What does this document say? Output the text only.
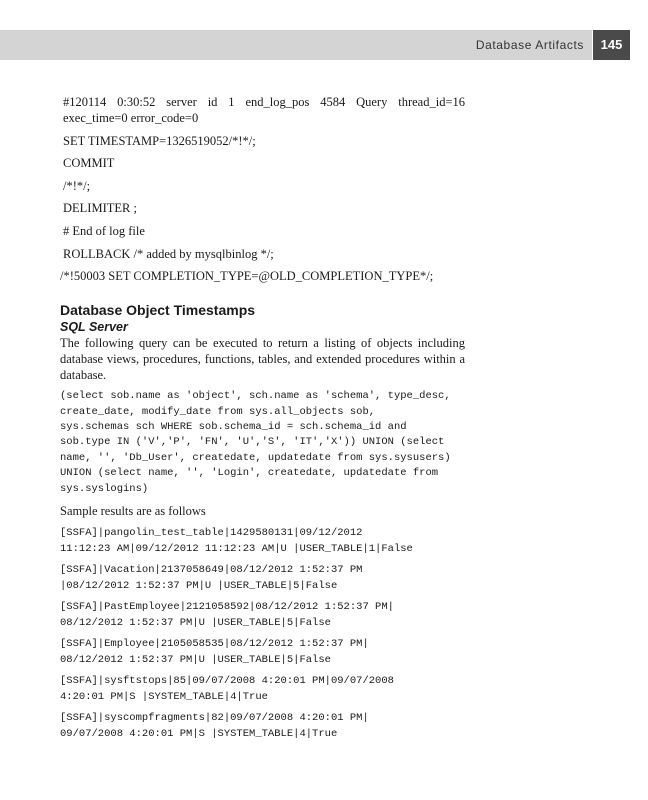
Database Artifacts	145

#120114 0:30:52 server id 1 end_log_pos 4584 Query thread_id=16 exec_time=0 error_code=0

SET TIMESTAMP=1326519052/*!*/;

COMMIT

/*!*/;

DELIMITER ;

# End of log file

ROLLBACK /* added by mysqlbinlog */;

/*!50003 SET COMPLETION_TYPE=@OLD_COMPLETION_TYPE*/;

Database Object Timestamps
SQL Server

The following query can be executed to return a listing of objects including database views, procedures, functions, tables, and extended procedures within a database.

(select sob.name as 'object', sch.name as 'schema', type_desc,
create_date, modify_date from sys.all_objects sob,
sys.schemas sch WHERE sob.schema_id = sch.schema_id and
sob.type IN ('V','P', 'FN', 'U','S', 'IT','X')) UNION (select
name, '', 'Db_User', createdate, updatedate from sys.sysusers)
UNION (select name, '', 'Login', createdate, updatedate from
sys.syslogins)

Sample results are as follows

[SSFA]|pangolin_test_table|1429580131|09/12/2012
11:12:23 AM|09/12/2012 11:12:23 AM|U |USER_TABLE|1|False
[SSFA]|Vacation|2137058649|08/12/2012 1:52:37 PM
|08/12/2012 1:52:37 PM|U |USER_TABLE|5|False
[SSFA]|PastEmployee|2121058592|08/12/2012 1:52:37 PM|
08/12/2012 1:52:37 PM|U |USER_TABLE|5|False
[SSFA]|Employee|2105058535|08/12/2012 1:52:37 PM|
08/12/2012 1:52:37 PM|U |USER_TABLE|5|False
[SSFA]|sysftstops|85|09/07/2008 4:20:01 PM|09/07/2008
4:20:01 PM|S |SYSTEM_TABLE|4|True
[SSFA]|syscompfragments|82|09/07/2008 4:20:01 PM|
09/07/2008 4:20:01 PM|S |SYSTEM_TABLE|4|True
